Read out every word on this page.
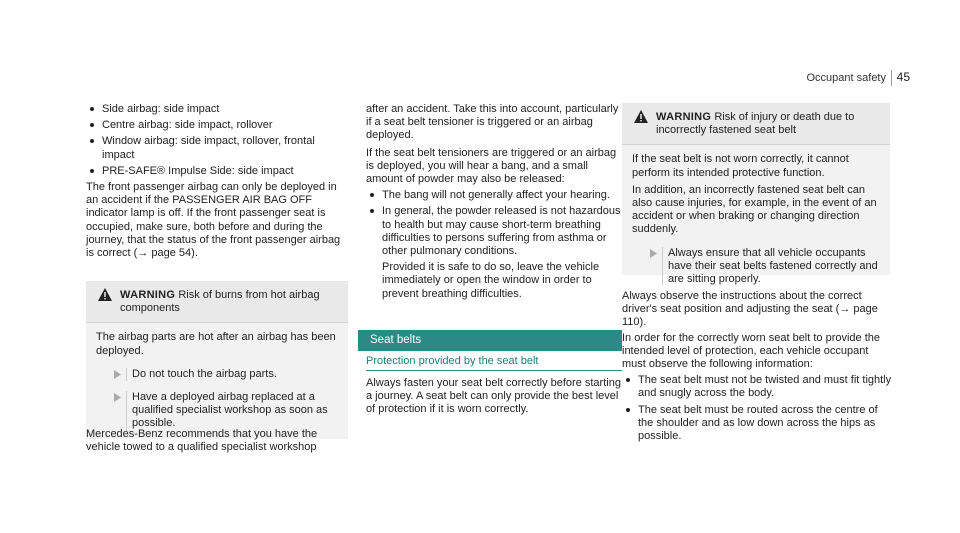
Occupant safety 45
Side airbag: side impact
Centre airbag: side impact, rollover
Window airbag: side impact, rollover, frontal impact
PRE-SAFE® Impulse Side: side impact

The front passenger airbag can only be deployed in an accident if the PASSENGER AIR BAG OFF indicator lamp is off. If the front passenger seat is occupied, make sure, both before and during the journey, that the status of the front passenger airbag is correct (→ page 54).

WARNING Risk of burns from hot airbag components

The airbag parts are hot after an airbag has been deployed.

Do not touch the airbag parts.
Have a deployed airbag replaced at a qualified specialist workshop as soon as possible.

Mercedes-Benz recommends that you have the vehicle towed to a qualified specialist workshop

after an accident. Take this into account, particularly if a seat belt tensioner is triggered or an airbag deployed.

If the seat belt tensioners are triggered or an airbag is deployed, you will hear a bang, and a small amount of powder may also be released:

The bang will not generally affect your hearing.
In general, the powder released is not hazardous to health but may cause short-term breathing difficulties to persons suffering from asthma or other pulmonary conditions.

Provided it is safe to do so, leave the vehicle immediately or open the window in order to prevent breathing difficulties.

Seat belts
Protection provided by the seat belt

Always fasten your seat belt correctly before starting a journey. A seat belt can only provide the best level of protection if it is worn correctly.

WARNING Risk of injury or death due to incorrectly fastened seat belt

If the seat belt is not worn correctly, it cannot perform its intended protective function.

In addition, an incorrectly fastened seat belt can also cause injuries, for example, in the event of an accident or when braking or changing direction suddenly.

Always ensure that all vehicle occupants have their seat belts fastened correctly and are sitting properly.

Always observe the instructions about the correct driver's seat position and adjusting the seat (→ page 110).

In order for the correctly worn seat belt to provide the intended level of protection, each vehicle occupant must observe the following information:

The seat belt must not be twisted and must fit tightly and snugly across the body.
The seat belt must be routed across the centre of the shoulder and as low down across the hips as possible.
